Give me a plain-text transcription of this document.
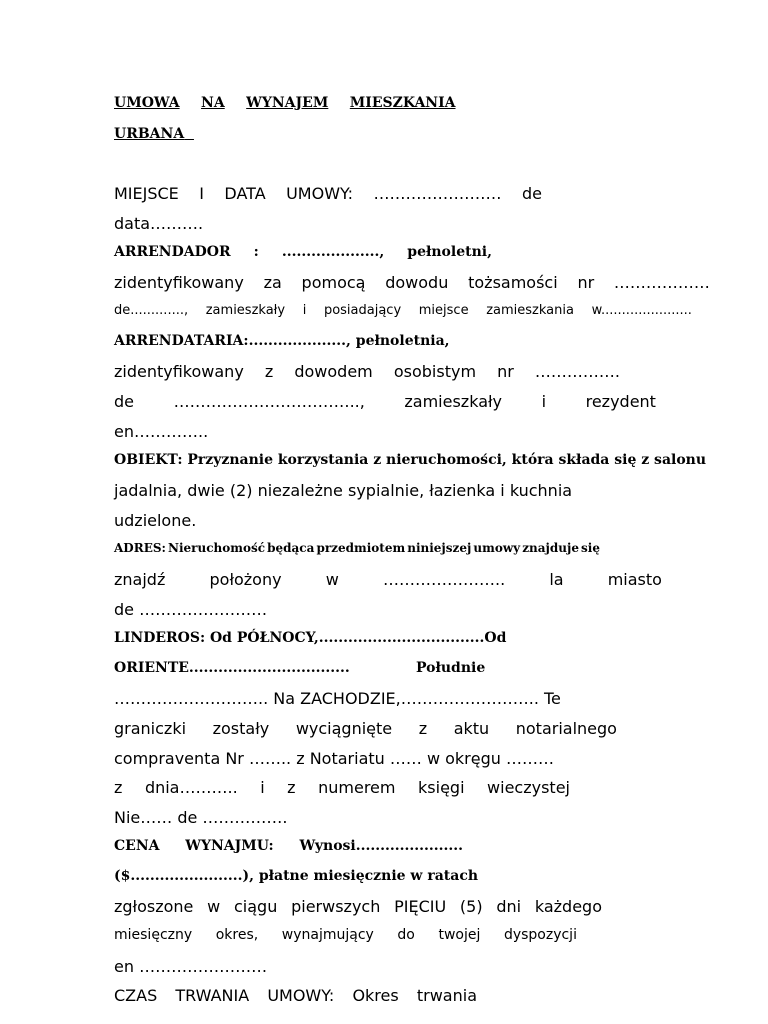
UMOWA NA WYNAJEM MIESZKANIA
URBANA
MIEJSCE I DATA UMOWY: …………………… de
data……….
ARRENDADOR : ...................., pełnoletni,
zidentyfikowany za pomocą dowodu tożsamości nr ………………
de............., zamieszkały i posiadający miejsce zamieszkania w......................
ARRENDATARIA:...................., pełnoletnia,
zidentyfikowany z dowodem osobistym nr …………….
de …………………………….., zamieszkały i rezydent
en…………..
OBIEKT: Przyznanie korzystania z nieruchomości, która składa się z salonu
jadalnia, dwie (2) niezależne sypialnie, łazienka i kuchnia
udzielone.
ADRES: Nieruchomość będąca przedmiotem niniejszej umowy znajduje się
znajdź	położony	w	…………………..	la	miasto
de ……………………
LINDEROS: Od PÓŁNOCY,..................................Od
ORIENTE.................................	Południe
……………………….. Na ZACHODZIE,…………………….. Te
graniczki zostały wyciągnięte z aktu notarialnego
compraventa Nr …….. z Notariatu …… w okręgu ………
z dnia……….. i z numerem księgi wieczystej
Nie…… de …………….
CENA WYNAJMU: Wynosi......................
($.......................), płatne miesięcznie w ratach
zgłoszone w ciągu pierwszych PIĘCIU (5) dni każdego
miesięczny okres, wynajmujący do twojej dyspozycji
en ……………………
CZAS TRWANIA UMOWY: Okres trwania
